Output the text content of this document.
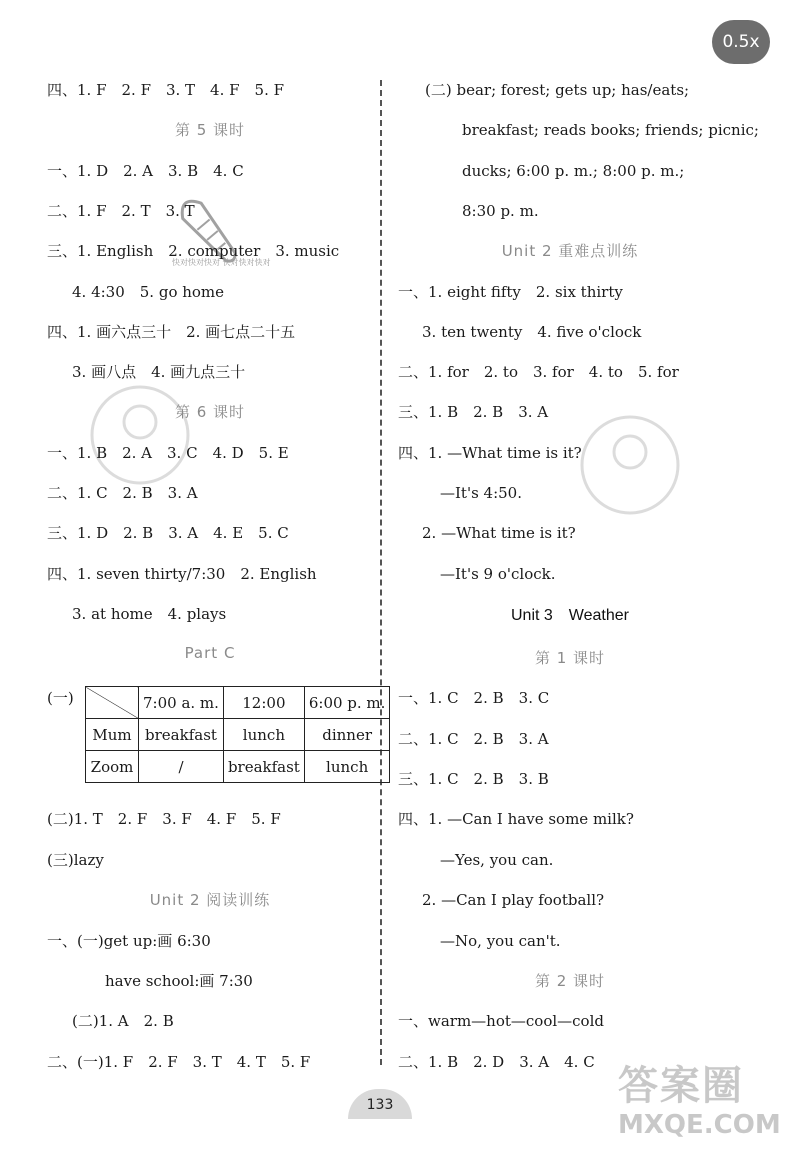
0.5x
快对快对快对 快对快对快对
四、1. F　2. F　3. T　4. F　5. F
第 5 课时
一、1. D　2. A　3. B　4. C
二、1. F　2. T　3. T
三、1. English　2. computer　3. music
4. 4:30　5. go home
四、1. 画六点三十　2. 画七点二十五
3. 画八点　4. 画九点三十
第 6 课时
一、1. B　2. A　3. C　4. D　5. E
二、1. C　2. B　3. A
三、1. D　2. B　3. A　4. E　5. C
四、1. seven thirty/7:30　2. English
3. at home　4. plays
Part C
(一)
		7:00 a. m.	12:00	6:00 p. m.
Mum	breakfast	lunch	dinner
Zoom	/	breakfast	lunch
(二)1. T　2. F　3. F　4. F　5. F
(三)lazy
Unit 2 阅读训练
一、(一)get up:画 6:30
have school:画 7:30
(二)1. A　2. B
二、(一)1. F　2. F　3. T　4. T　5. F
(二) bear; forest; gets up; has/eats;
breakfast; reads books; friends; picnic;
ducks; 6:00 p. m.; 8:00 p. m.;
8:30 p. m.
Unit 2 重难点训练
一、1. eight fifty　2. six thirty
3. ten twenty　4. five o'clock
二、1. for　2. to　3. for　4. to　5. for
三、1. B　2. B　3. A
四、1. —What time is it?
—It's 4:50.
2. —What time is it?
—It's 9 o'clock.
Unit 3　Weather
第 1 课时
一、1. C　2. B　3. C
二、1. C　2. B　3. A
三、1. C　2. B　3. B
四、1. —Can I have some milk?
—Yes, you can.
2. —Can I play football?
—No, you can't.
第 2 课时
一、warm—hot—cool—cold
二、1. B　2. D　3. A　4. C
133	答案圈
MXQE.COM
